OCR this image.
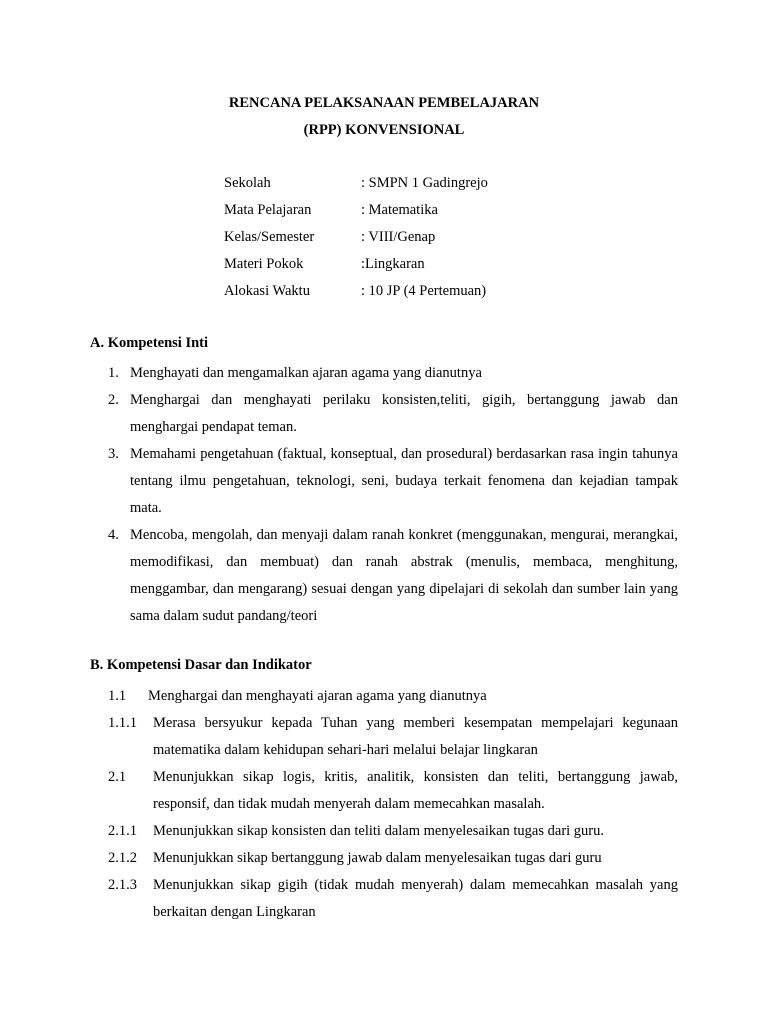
RENCANA PELAKSANAAN PEMBELAJARAN
(RPP) KONVENSIONAL
Sekolah	: SMPN 1 Gadingrejo
Mata Pelajaran	: Matematika
Kelas/Semester	: VIII/Genap
Materi Pokok	:Lingkaran
Alokasi Waktu	: 10 JP (4 Pertemuan)
A. Kompetensi Inti
1. Menghayati dan mengamalkan ajaran agama yang dianutnya
2. Menghargai dan menghayati perilaku konsisten,teliti, gigih, bertanggung jawab dan menghargai pendapat teman.
3. Memahami pengetahuan (faktual, konseptual, dan prosedural) berdasarkan rasa ingin tahunya tentang ilmu pengetahuan, teknologi, seni, budaya terkait fenomena dan kejadian tampak mata.
4. Mencoba, mengolah, dan menyaji dalam ranah konkret (menggunakan, mengurai, merangkai, memodifikasi, dan membuat) dan ranah abstrak (menulis, membaca, menghitung, menggambar, dan mengarang) sesuai dengan yang dipelajari di sekolah dan sumber lain yang sama dalam sudut pandang/teori
B. Kompetensi Dasar dan Indikator
1.1	Menghargai dan menghayati ajaran agama yang dianutnya
1.1.1	Merasa bersyukur kepada Tuhan yang memberi kesempatan mempelajari kegunaan matematika dalam kehidupan sehari-hari melalui belajar lingkaran
2.1	Menunjukkan sikap logis, kritis, analitik, konsisten dan teliti, bertanggung jawab, responsif, dan tidak mudah menyerah dalam memecahkan masalah.
2.1.1	Menunjukkan sikap konsisten dan teliti dalam menyelesaikan tugas dari guru.
2.1.2	Menunjukkan sikap bertanggung jawab dalam menyelesaikan tugas dari guru
2.1.3	Menunjukkan sikap gigih (tidak mudah menyerah) dalam memecahkan masalah yang berkaitan dengan Lingkaran
